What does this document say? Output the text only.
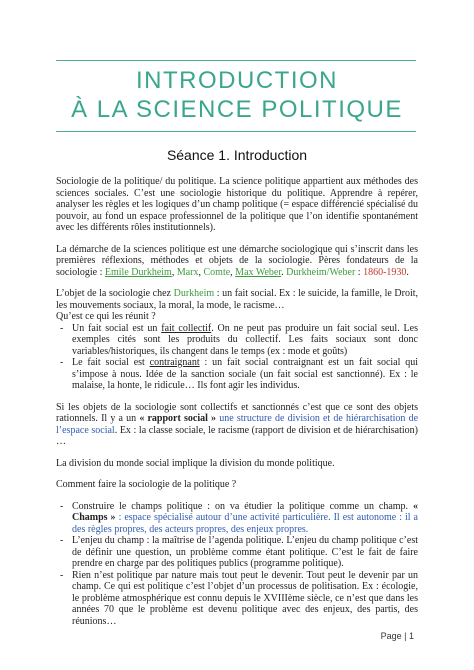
INTRODUCTION
À LA SCIENCE POLITIQUE
Séance 1. Introduction

Sociologie de la politique/ du politique. La science politique appartient aux méthodes des sciences sociales. C’est une sociologie historique du politique. Apprendre à repérer, analyser les règles et les logiques d’un champ politique (= espace différencié spécialisé du pouvoir, au fond un espace professionnel de la politique que l’on identifie spontanément avec les différents rôles institutionnels).

La démarche de la sciences politique est une démarche sociologique qui s’inscrit dans les premières réflexions, méthodes et objets de la sociologie. Pères fondateurs de la sociologie : Emile Durkheim, Marx, Comte, Max Weber. Durkheim/Weber : 1860-1930.

L’objet de la sociologie chez Durkheim : un fait social. Ex : le suicide, la famille, le Droit, les mouvements sociaux, la moral, la mode, le racisme…
Qu’est ce qui les réunit ?

- Un fait social est un fait collectif. On ne peut pas produire un fait social seul. Les exemples cités sont les produits du collectif. Les faits sociaux sont donc variables/historiques, ils changent dans le temps (ex : mode et goûts)
- Le fait social est contraignant : un fait social contraignant est un fait social qui s’impose à nous. Idée de la sanction sociale (un fait social est sanctionné). Ex : le malaise, la honte, le ridicule… Ils font agir les individus.

Si les objets de la sociologie sont collectifs et sanctionnés c’est que ce sont des objets rationnels. Il y a un « rapport social » une structure de division et de hiérarchisation de l’espace social. Ex : la classe sociale, le racisme (rapport de division et de hiérarchisation) …

La division du monde social implique la division du monde politique.

Comment faire la sociologie de la politique ?

- Construire le champs politique : on va étudier la politique comme un champ. « Champs » : espace spécialisé autour d’une activité particulière. Il est autonome : il a des règles propres, des acteurs propres, des enjeux propres.
- L’enjeu du champ : la maîtrise de l’agenda politique. L’enjeu du champ politique c’est de définir une question, un problème comme étant politique. C’est le fait de faire prendre en charge par des politiques publics (programme politique).
- Rien n’est politique par nature mais tout peut le devenir. Tout peut le devenir par un champ. Ce qui est politique c’est l’objet d’un processus de politisation. Ex : écologie, le problème atmosphérique est connu depuis le XVIIIème siècle, ce n’est que dans les années 70 que le problème est devenu politique avec des enjeux, des partis, des réunions…
Page | 1
